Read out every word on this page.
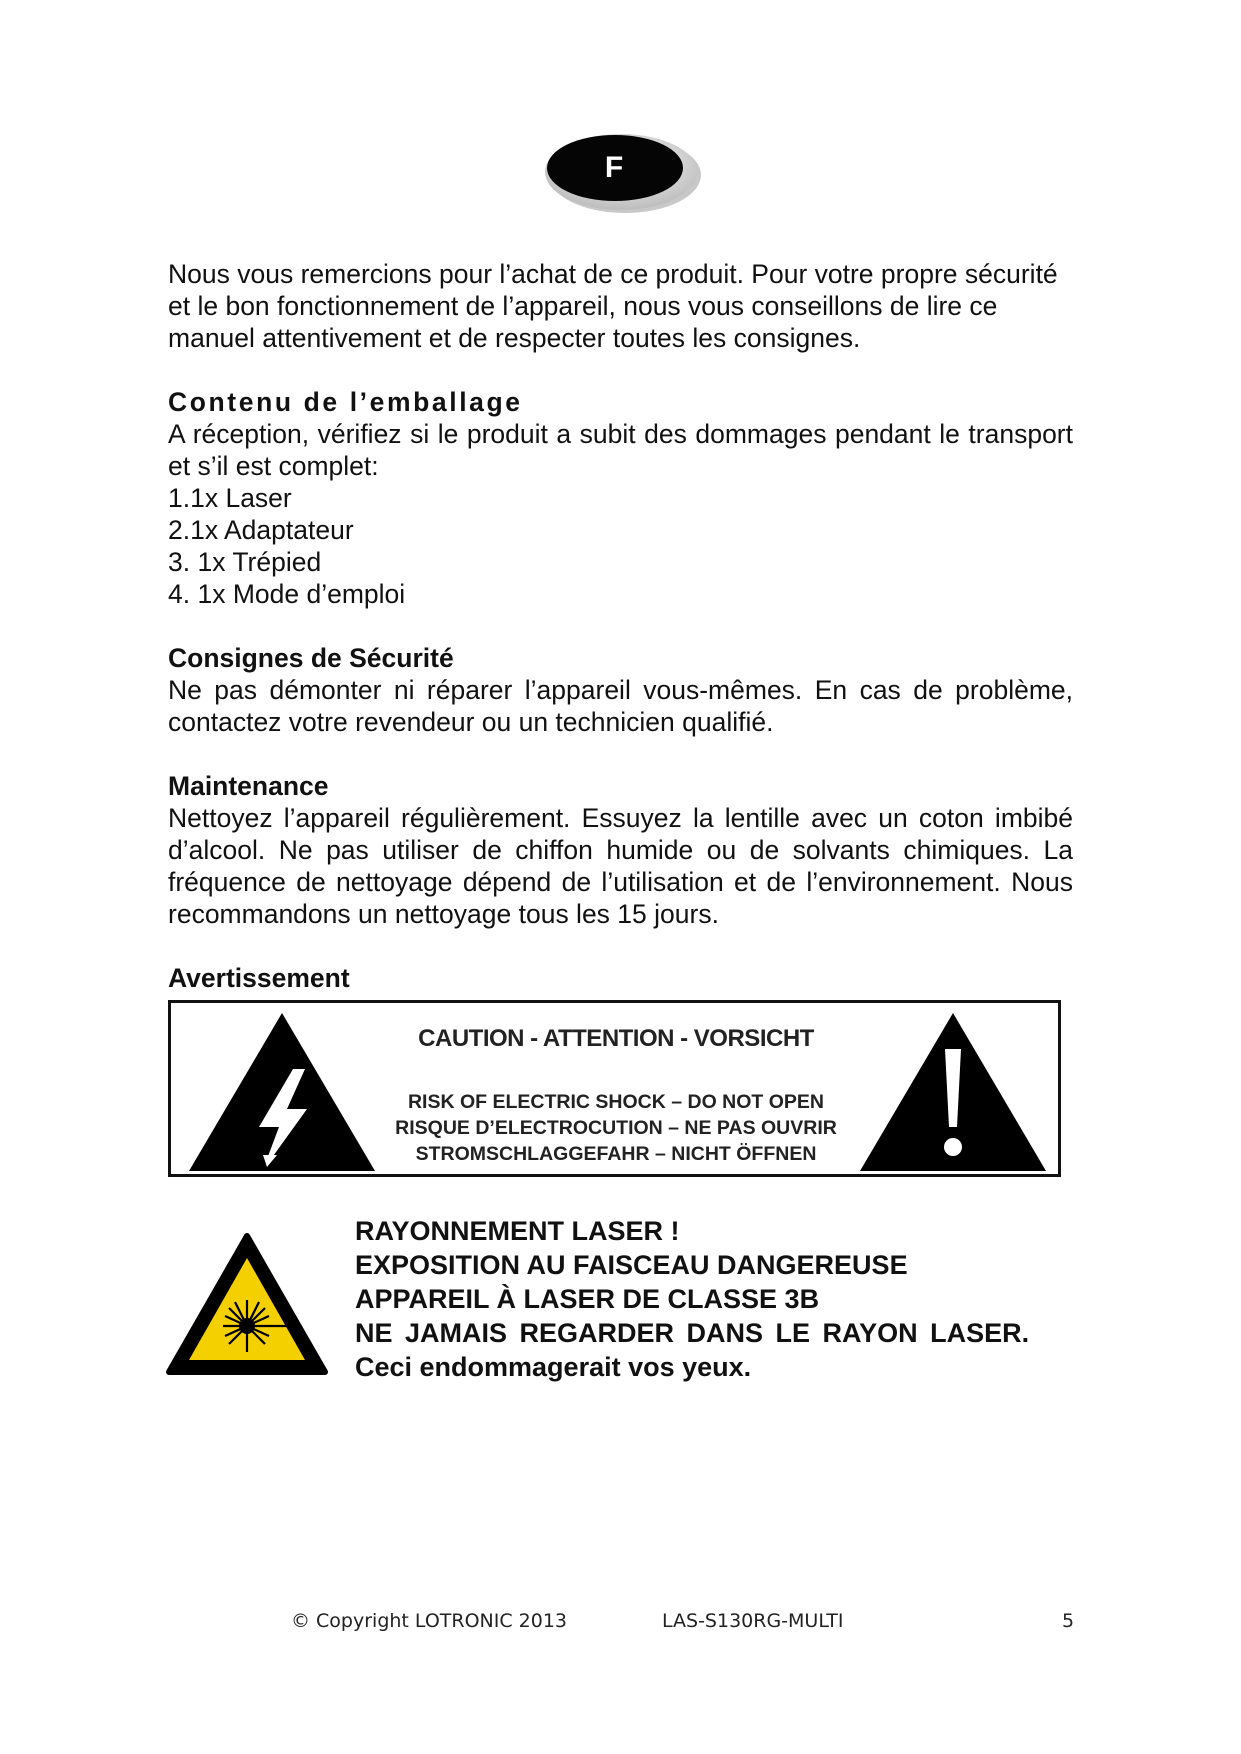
F

Nous vous remercions pour l’achat de ce produit. Pour votre propre sécurité et le bon fonctionnement de l’appareil, nous vous conseillons de lire ce manuel attentivement et de respecter toutes les consignes.

Contenu de l’emballage

A réception, vérifiez si le produit a subit des dommages pendant le transport et s’il est complet:

1.1x Laser
2.1x Adaptateur
3. 1x Trépied
4. 1x Mode d’emploi
Consignes de Sécurité

Ne pas démonter ni réparer l’appareil vous-mêmes. En cas de problème, contactez votre revendeur ou un technicien qualifié.

Maintenance

Nettoyez l’appareil régulièrement. Essuyez la lentille avec un coton imbibé d’alcool. Ne pas utiliser de chiffon humide ou de solvants chimiques. La fréquence de nettoyage dépend de l’utilisation et de l’environnement. Nous recommandons un nettoyage tous les 15 jours.

Avertissement
CAUTION - ATTENTION - VORSICHT
RISK OF ELECTRIC SHOCK – DO NOT OPEN
RISQUE D’ELECTROCUTION – NE PAS OUVRIR
STROMSCHLAGGEFAHR – NICHT ÖFFNEN
RAYONNEMENT LASER !
EXPOSITION AU FAISCEAU DANGEREUSE
APPAREIL À LASER DE CLASSE 3B
NE JAMAIS REGARDER DANS LE RAYON LASER.
Ceci endommagerait vos yeux.
© Copyright LOTRONIC 2013	LAS-S130RG-MULTI	5
